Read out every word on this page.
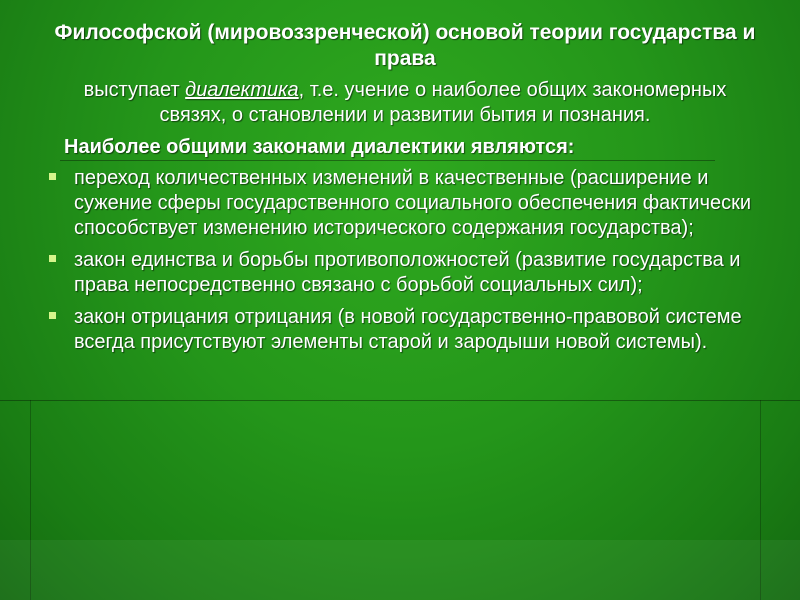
Философской (мировоззренческой) основой теории государства и права

выступает диалектика, т.е. учение о наиболее общих закономерных связях, о становлении и развитии бытия и познания.

Наиболее общими законами диалектики являются:

переход количественных изменений в качественные (расширение и сужение сферы государственного социального обеспечения фактически способствует изменению исторического содержания государства);
закон единства и борьбы противоположностей (развитие государства и права непосредственно связано с борьбой социальных сил);
закон отрицания отрицания (в новой государственно-правовой системе всегда присутствуют элементы старой и зародыши новой системы).
